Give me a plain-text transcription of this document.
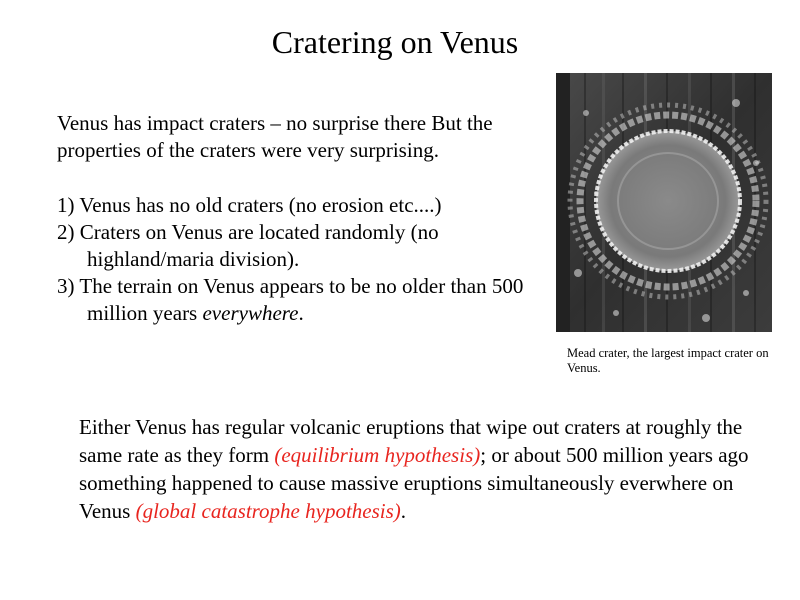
Cratering on Venus

Venus has impact craters – no surprise there But the properties of the craters were very surprising.

1) Venus has no old craters (no erosion etc....)
2) Craters on Venus are located randomly (no highland/maria division).
3) The terrain on Venus appears to be no older than 500 million years everywhere.
Mead crater, the largest impact crater on Venus.

Either Venus has regular volcanic eruptions that wipe out craters at roughly the same rate as they form (equilibrium hypothesis); or about 500 million years ago something happened to cause massive eruptions simultaneously everwhere on Venus (global catastrophe hypothesis).
